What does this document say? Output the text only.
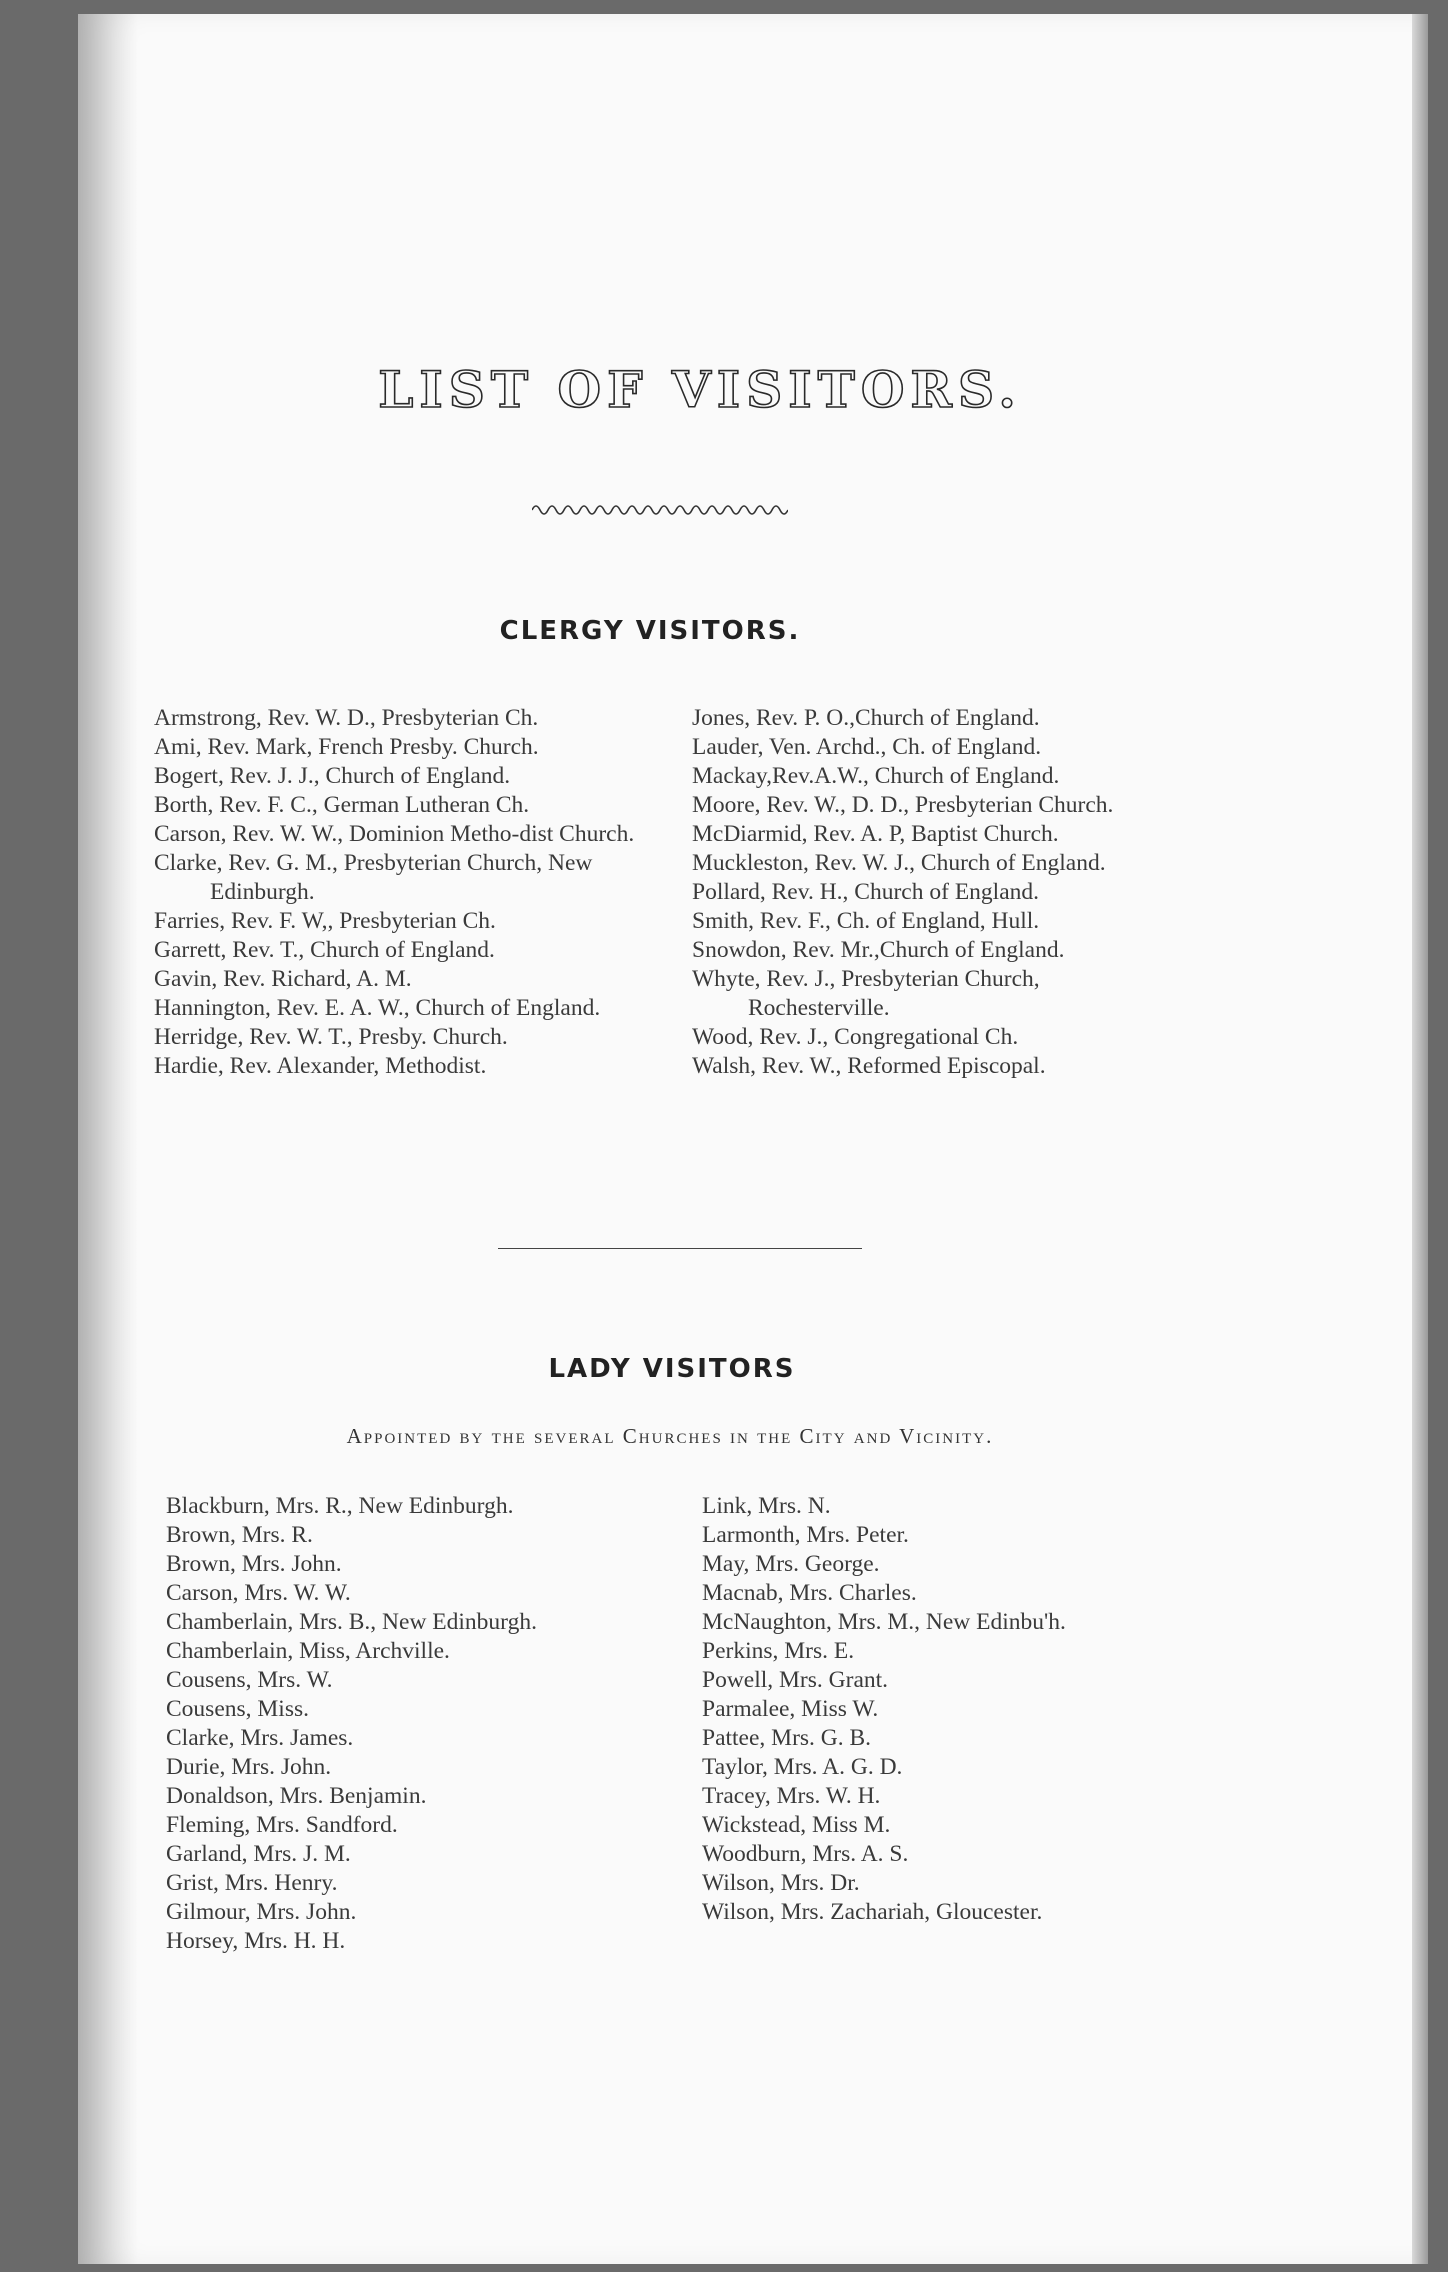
LIST OF VISITORS.
CLERGY VISITORS.
Armstrong, Rev. W. D., Presbyterian Ch.
Ami, Rev. Mark, French Presby. Church.
Bogert, Rev. J. J., Church of England.
Borth, Rev. F. C., German Lutheran Ch.
Carson, Rev. W. W., Dominion Metho-dist Church.
Clarke, Rev. G. M., Presbyterian Church, New Edinburgh.
Farries, Rev. F. W,, Presbyterian Ch.
Garrett, Rev. T., Church of England.
Gavin, Rev. Richard, A. M.
Hannington, Rev. E. A. W., Church of England.
Herridge, Rev. W. T., Presby. Church.
Hardie, Rev. Alexander, Methodist.
Jones, Rev. P. O.,Church of England.
Lauder, Ven. Archd., Ch. of England.
Mackay,Rev.A.W., Church of England.
Moore, Rev. W., D. D., Presbyterian Church.
McDiarmid, Rev. A. P, Baptist Church.
Muckleston, Rev. W. J., Church of England.
Pollard, Rev. H., Church of England.
Smith, Rev. F., Ch. of England, Hull.
Snowdon, Rev. Mr.,Church of England.
Whyte, Rev. J., Presbyterian Church, Rochesterville.
Wood, Rev. J., Congregational Ch.
Walsh, Rev. W., Reformed Episcopal.
LADY VISITORS
Appointed by the several Churches in the City and Vicinity.
Blackburn, Mrs. R., New Edinburgh.
Brown, Mrs. R.
Brown, Mrs. John.
Carson, Mrs. W. W.
Chamberlain, Mrs. B., New Edinburgh.
Chamberlain, Miss, Archville.
Cousens, Mrs. W.
Cousens, Miss.
Clarke, Mrs. James.
Durie, Mrs. John.
Donaldson, Mrs. Benjamin.
Fleming, Mrs. Sandford.
Garland, Mrs. J. M.
Grist, Mrs. Henry.
Gilmour, Mrs. John.
Horsey, Mrs. H. H.
Link, Mrs. N.
Larmonth, Mrs. Peter.
May, Mrs. George.
Macnab, Mrs. Charles.
McNaughton, Mrs. M., New Edinbu'h.
Perkins, Mrs. E.
Powell, Mrs. Grant.
Parmalee, Miss W.
Pattee, Mrs. G. B.
Taylor, Mrs. A. G. D.
Tracey, Mrs. W. H.
Wickstead, Miss M.
Woodburn, Mrs. A. S.
Wilson, Mrs. Dr.
Wilson, Mrs. Zachariah, Gloucester.
